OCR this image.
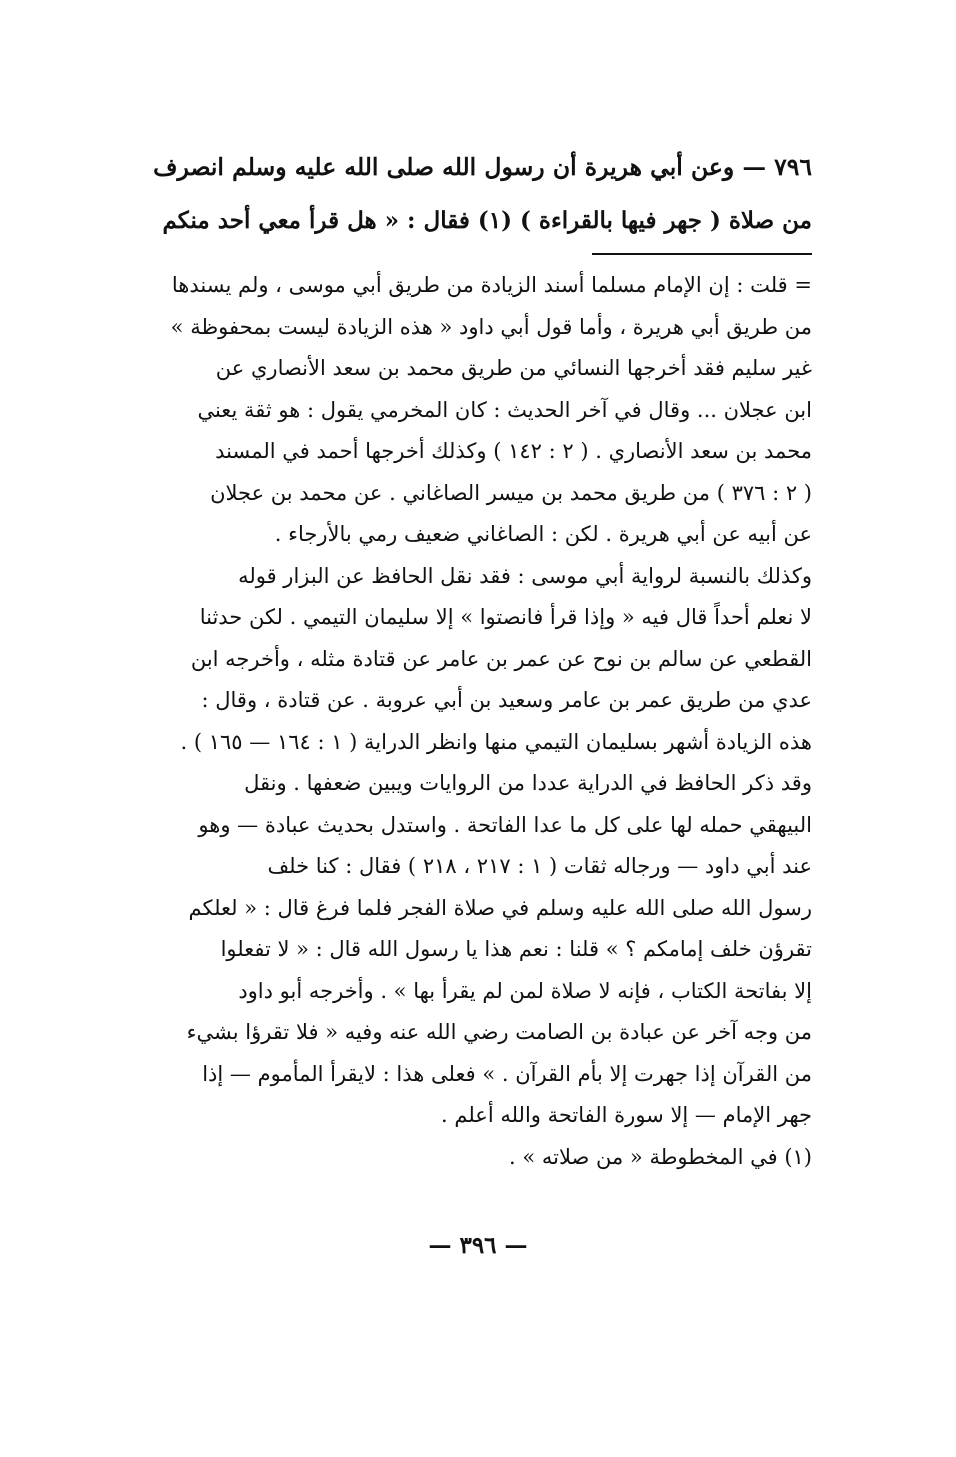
٧٩٦ — وعن أبي هريرة أن رسول الله صلى الله عليه وسلم انصرف
من صلاة ( جهر فيها بالقراءة ) (١) فقال : « هل قرأ معي أحد منكم
= قلت : إن الإمام مسلما أسند الزيادة من طريق أبي موسى ، ولم يسندها
من طريق أبي هريرة ، وأما قول أبي داود « هذه الزيادة ليست بمحفوظة »
غير سليم فقد أخرجها النسائي من طريق محمد بن سعد الأنصاري عن
ابن عجلان ... وقال في آخر الحديث : كان المخرمي يقول : هو ثقة يعني
محمد بن سعد الأنصاري . ( ٢ : ١٤٢ ) وكذلك أخرجها أحمد في المسند
( ٢ : ٣٧٦ ) من طريق محمد بن ميسر الصاغاني . عن محمد بن عجلان
عن أبيه عن أبي هريرة . لكن : الصاغاني ضعيف رمي بالأرجاء .
وكذلك بالنسبة لرواية أبي موسى : فقد نقل الحافظ عن البزار قوله
لا نعلم أحداً قال فيه « وإذا قرأ فانصتوا » إلا سليمان التيمي . لكن حدثنا
القطعي عن سالم بن نوح عن عمر بن عامر عن قتادة مثله ، وأخرجه ابن
عدي من طريق عمر بن عامر وسعيد بن أبي عروبة . عن قتادة ، وقال :
هذه الزيادة أشهر بسليمان التيمي منها وانظر الدراية ( ١ : ١٦٤ — ١٦٥ ) .
وقد ذكر الحافظ في الدراية عددا من الروايات ويبين ضعفها . ونقل
البيهقي حمله لها على كل ما عدا الفاتحة . واستدل بحديث عبادة — وهو
عند أبي داود — ورجاله ثقات ( ١ : ٢١٧ ، ٢١٨ ) فقال : كنا خلف
رسول الله صلى الله عليه وسلم في صلاة الفجر فلما فرغ قال : « لعلكم
تقرؤن خلف إمامكم ؟ » قلنا : نعم هذا يا رسول الله قال : « لا تفعلوا
إلا بفاتحة الكتاب ، فإنه لا صلاة لمن لم يقرأ بها » . وأخرجه أبو داود
من وجه آخر عن عبادة بن الصامت رضي الله عنه وفيه « فلا تقرؤا بشيء
من القرآن إذا جهرت إلا بأم القرآن . » فعلى هذا : لايقرأ المأموم — إذا
جهر الإمام — إلا سورة الفاتحة والله أعلم .
(١) في المخطوطة « من صلاته » .
— ٣٩٦ —
